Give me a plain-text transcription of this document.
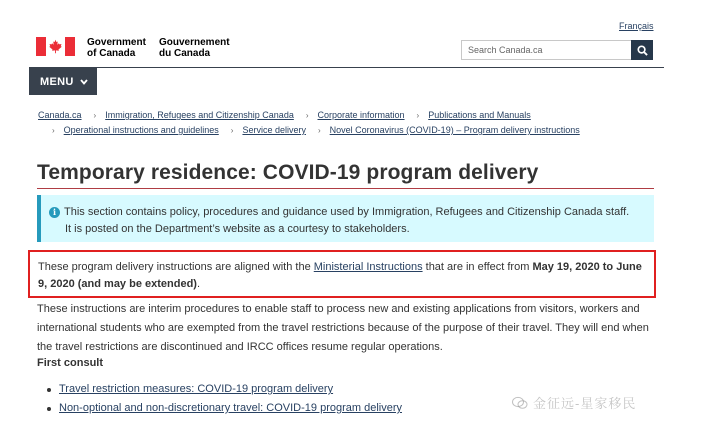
Français
Government
of Canada
Gouvernement
du Canada
Search Canada.ca
MENU
Canada.ca › Immigration, Refugees and Citizenship Canada › Corporate information › Publications and Manuals
› Operational instructions and guidelines › Service delivery › Novel Coronavirus (COVID-19) – Program delivery instructions
Temporary residence: COVID-19 program delivery
i This section contains policy, procedures and guidance used by Immigration, Refugees and Citizenship Canada staff.
It is posted on the Department’s website as a courtesy to stakeholders.
These program delivery instructions are aligned with the Ministerial Instructions that are in effect from May 19, 2020 to June 9, 2020 (and may be extended).

These instructions are interim procedures to enable staff to process new and existing applications from visitors, workers and international students who are exempted from the travel restrictions because of the purpose of their travel. They will end when the travel restrictions are discontinued and IRCC offices resume regular operations.

First consult
Travel restriction measures: COVID-19 program delivery
Non-optional and non-discretionary travel: COVID-19 program delivery	金征远-星家移民
